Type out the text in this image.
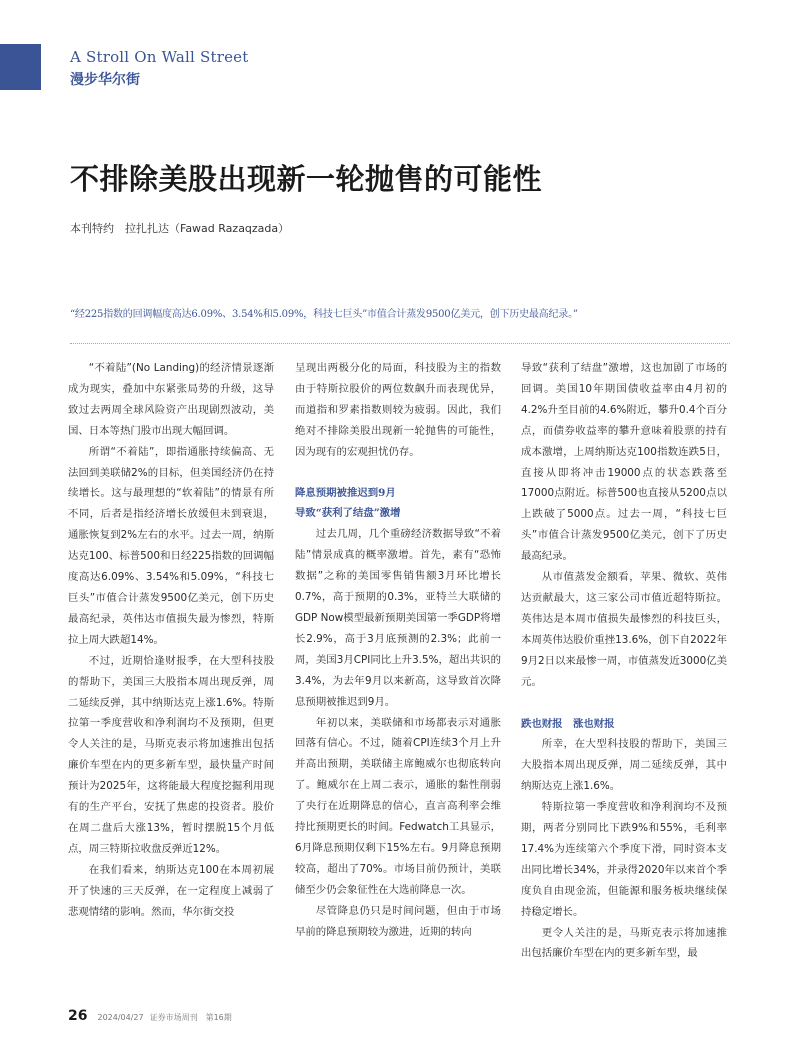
A Stroll On Wall Street
漫步华尔街
不排除美股出现新一轮抛售的可能性
本刊特约　拉扎扎达（Fawad Razaqzada）
“经225指数的回调幅度高达6.09%、3.54%和5.09%，科技七巨头”市值合计蒸发9500亿美元，创下历史最高纪录。”

“不着陆”(No Landing)的经济情景逐渐成为现实，叠加中东紧张局势的升级，这导致过去两周全球风险资产出现剧烈波动，美国、日本等热门股市出现大幅回调。

所谓“不着陆”，即指通胀持续偏高、无法回到美联储2%的目标，但美国经济仍在持续增长。这与最理想的“软着陆”的情景有所不同，后者是指经济增长放缓但未到衰退，通胀恢复到2%左右的水平。过去一周，纳斯达克100、标普500和日经225指数的回调幅度高达6.09%、3.54%和5.09%，“科技七巨头”市值合计蒸发9500亿美元，创下历史最高纪录，英伟达市值损失最为惨烈，特斯拉上周大跌超14%。

不过，近期恰逢财报季，在大型科技股的帮助下，美国三大股指本周出现反弹，周二延续反弹，其中纳斯达克上涨1.6%。特斯拉第一季度营收和净利润均不及预期，但更令人关注的是，马斯克表示将加速推出包括廉价车型在内的更多新车型，最快量产时间预计为2025年，这将能最大程度挖掘利用现有的生产平台，安抚了焦虑的投资者。股价在周二盘后大涨13%，暂时摆脱15个月低点，周三特斯拉收盘反弹近12%。

在我们看来，纳斯达克100在本周初展开了快速的三天反弹，在一定程度上减弱了悲观情绪的影响。然而，华尔街交投

呈现出两极分化的局面，科技股为主的指数由于特斯拉股价的两位数飙升而表现优异，而道指和罗素指数则较为疲弱。因此，我们绝对不排除美股出现新一轮抛售的可能性，因为现有的宏观担忧仍存。

降息预期被推迟到9月
导致“获利了结盘”激增

过去几周，几个重磅经济数据导致“不着陆”情景成真的概率激增。首先，素有“恐怖数据”之称的美国零售销售额3月环比增长0.7%，高于预期的0.3%，亚特兰大联储的GDP Now模型最新预期美国第一季GDP将增长2.9%，高于3月底预测的2.3%；此前一周，美国3月CPI同比上升3.5%，超出共识的3.4%，为去年9月以来新高，这导致首次降息预期被推迟到9月。

年初以来，美联储和市场都表示对通胀回落有信心。不过，随着CPI连续3个月上升并高出预期，美联储主席鲍威尔也彻底转向了。鲍威尔在上周二表示，通胀的黏性削弱了央行在近期降息的信心，直言高利率会维持比预期更长的时间。Fedwatch工具显示，6月降息预期仅剩下15%左右。9月降息预期较高，超出了70%。市场目前仍预计，美联储至少仍会象征性在大选前降息一次。

尽管降息仍只是时间问题，但由于市场早前的降息预期较为激进，近期的转向

导致“获利了结盘”激增，这也加剧了市场的回调。美国10年期国债收益率由4月初的4.2%升至目前的4.6%附近，攀升0.4个百分点，而债券收益率的攀升意味着股票的持有成本激增，上周纳斯达克100指数连跌5日，直接从即将冲击19000点的状态跌落至17000点附近。标普500也直接从5200点以上跌破了5000点。过去一周，“科技七巨头”市值合计蒸发9500亿美元，创下了历史最高纪录。

从市值蒸发金额看，苹果、微软、英伟达贡献最大，这三家公司市值近超特斯拉。英伟达是本周市值损失最惨烈的科技巨头，本周英伟达股价重挫13.6%，创下自2022年9月2日以来最惨一周，市值蒸发近3000亿美元。

跌也财报　涨也财报

所幸，在大型科技股的帮助下，美国三大股指本周出现反弹，周二延续反弹，其中纳斯达克上涨1.6%。

特斯拉第一季度营收和净利润均不及预期，两者分别同比下跌9%和55%，毛利率17.4%为连续第六个季度下滑，同时资本支出同比增长34%，并录得2020年以来首个季度负自由现金流，但能源和服务板块继续保持稳定增长。

更令人关注的是，马斯克表示将加速推出包括廉价车型在内的更多新车型，最

26 2024/04/27 证券市场周刊　第16期
